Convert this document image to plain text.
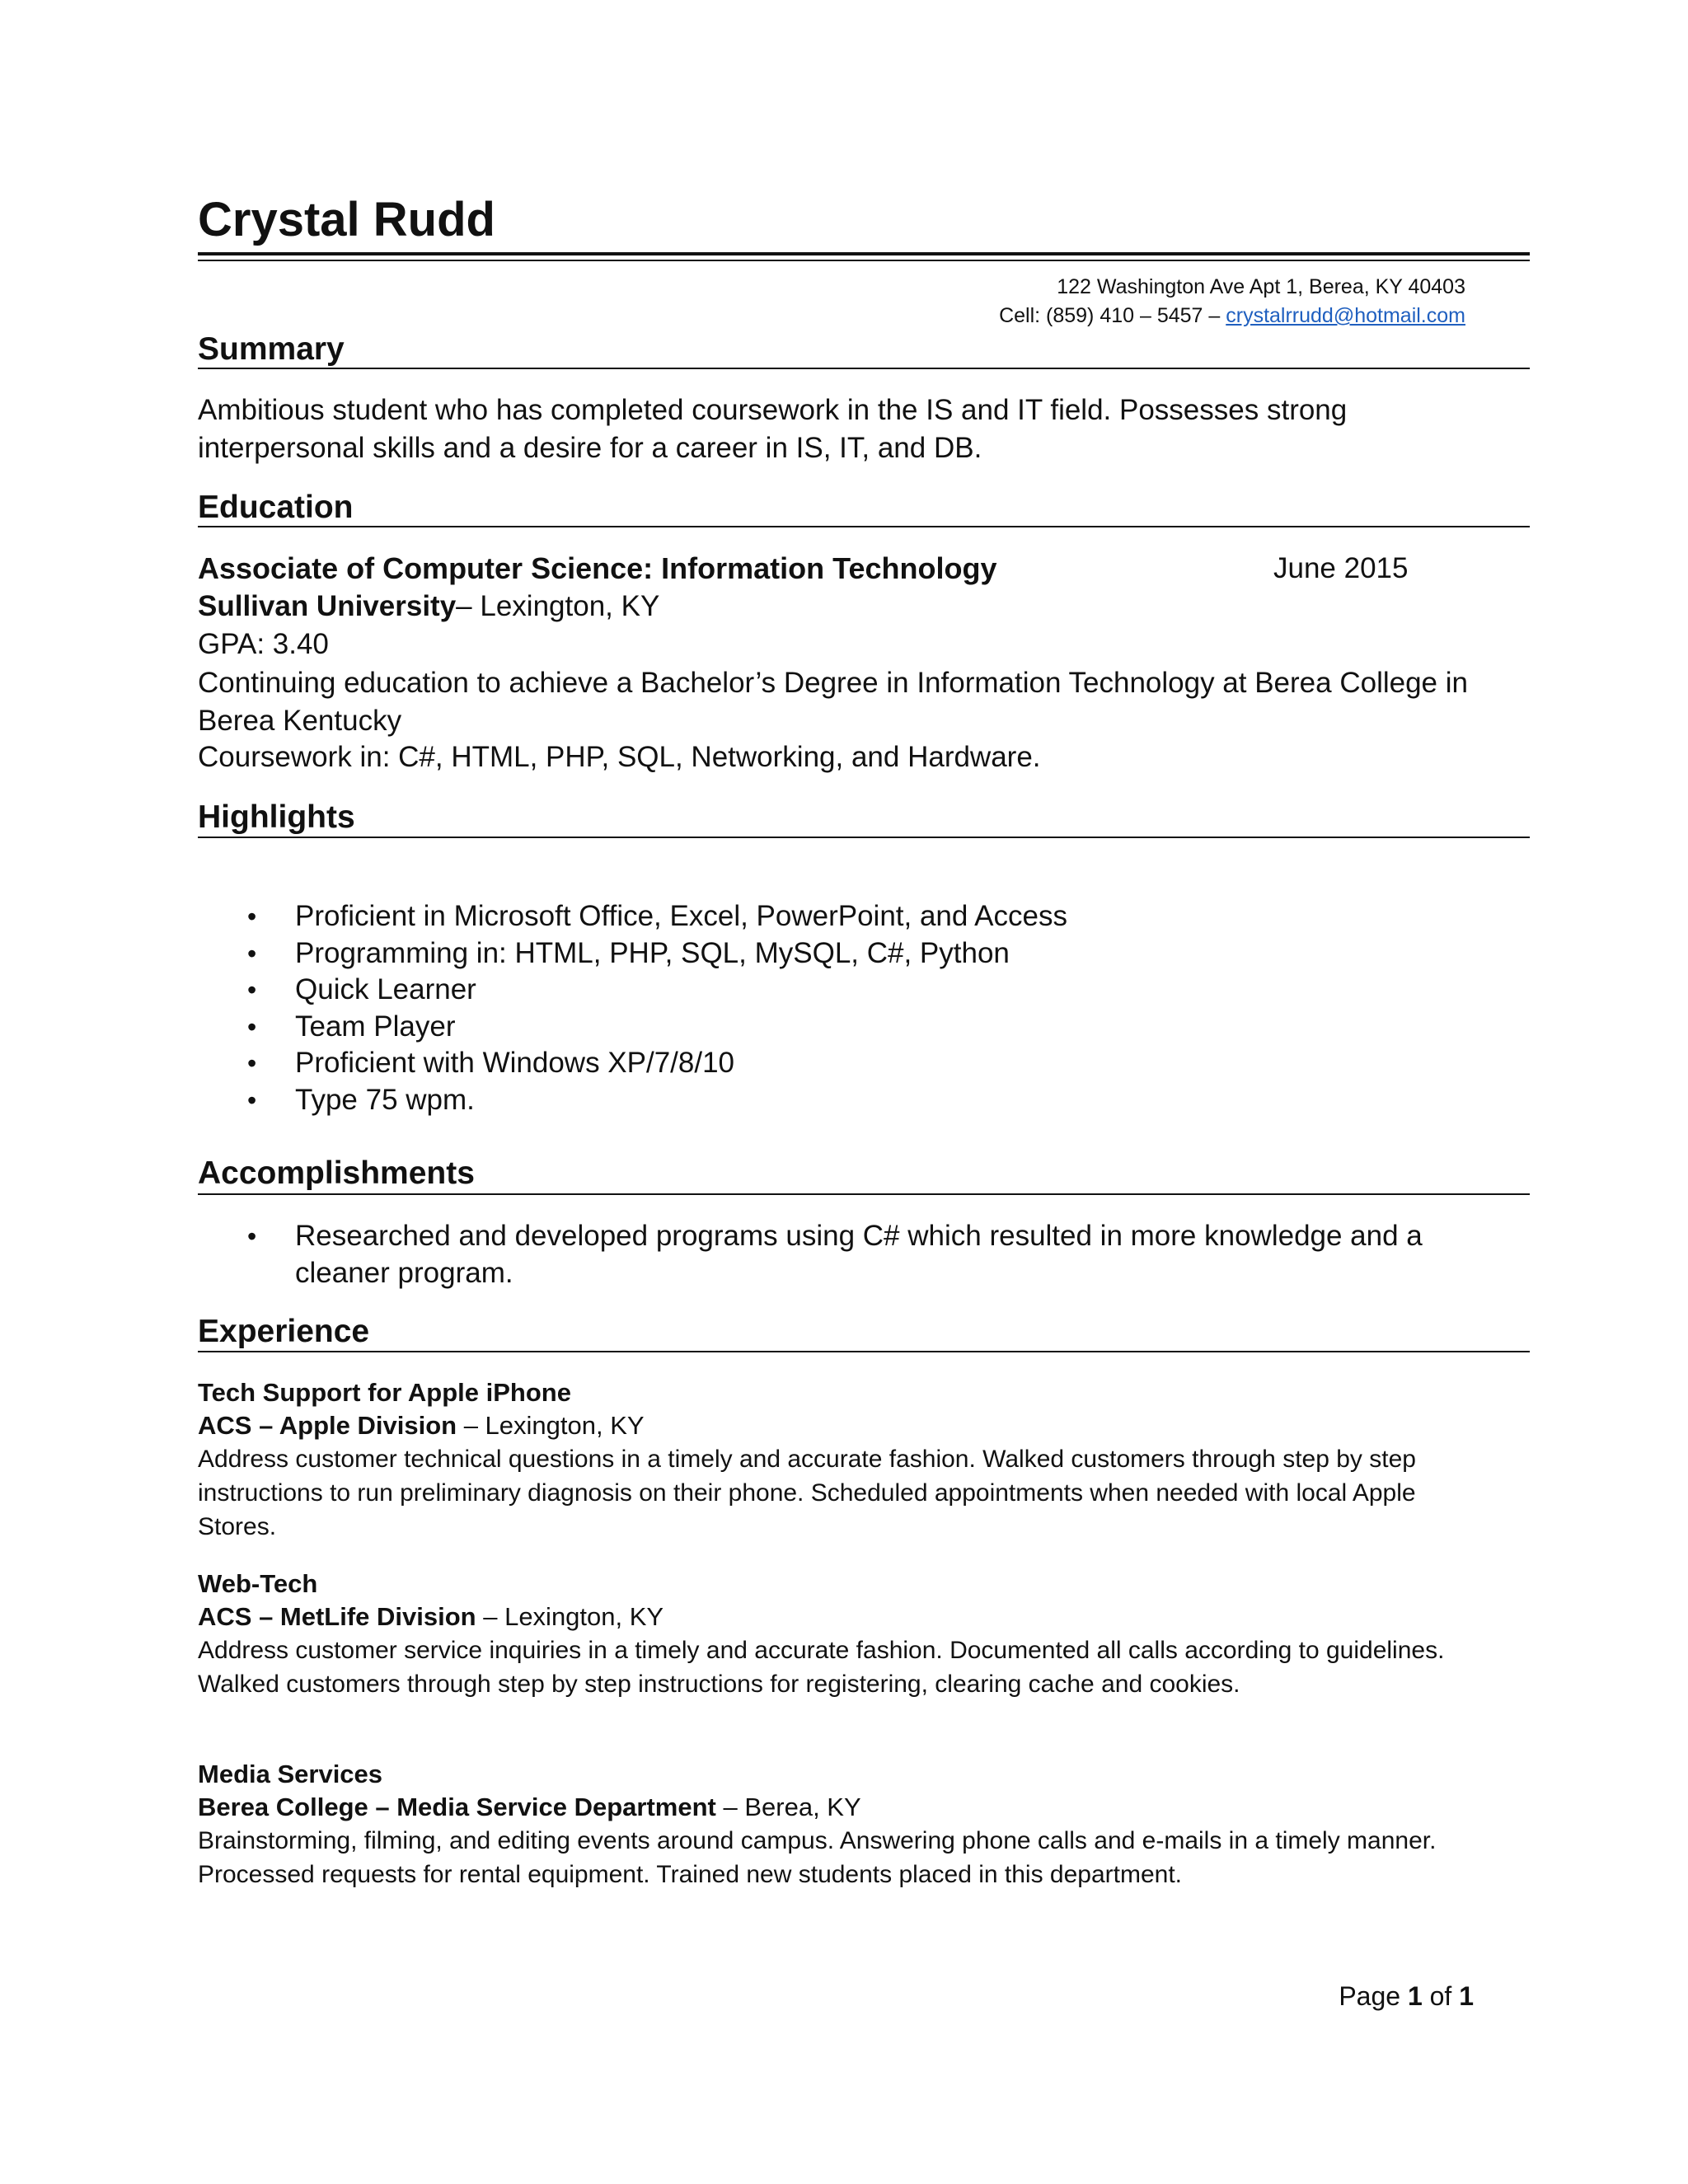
Crystal Rudd
122 Washington Ave Apt 1, Berea, KY 40403
Cell: (859) 410 – 5457 – crystalrrudd@hotmail.com
Summary
Ambitious student who has completed coursework in the IS and IT field. Possesses strong interpersonal skills and a desire for a career in IS, IT, and DB.
Education
Associate of Computer Science: Information Technology	June 2015
Sullivan University– Lexington, KY
GPA: 3.40
Continuing education to achieve a Bachelor’s Degree in Information Technology at Berea College in Berea Kentucky
Coursework in: C#, HTML, PHP, SQL, Networking, and Hardware.
Highlights
• Proficient in Microsoft Office, Excel, PowerPoint, and Access
• Programming in: HTML, PHP, SQL, MySQL, C#, Python
• Quick Learner
• Team Player
• Proficient with Windows XP/7/8/10
• Type 75 wpm.
Accomplishments
• Researched and developed programs using C# which resulted in more knowledge and a cleaner program.
Experience
Tech Support for Apple iPhone
ACS – Apple Division – Lexington, KY
Address customer technical questions in a timely and accurate fashion. Walked customers through step by step instructions to run preliminary diagnosis on their phone. Scheduled appointments when needed with local Apple Stores.
Web-Tech
ACS – MetLife Division – Lexington, KY
Address customer service inquiries in a timely and accurate fashion. Documented all calls according to guidelines. Walked customers through step by step instructions for registering, clearing cache and cookies.
Media Services
Berea College – Media Service Department – Berea, KY
Brainstorming, filming, and editing events around campus. Answering phone calls and e-mails in a timely manner. Processed requests for rental equipment. Trained new students placed in this department.
Page 1 of 1
